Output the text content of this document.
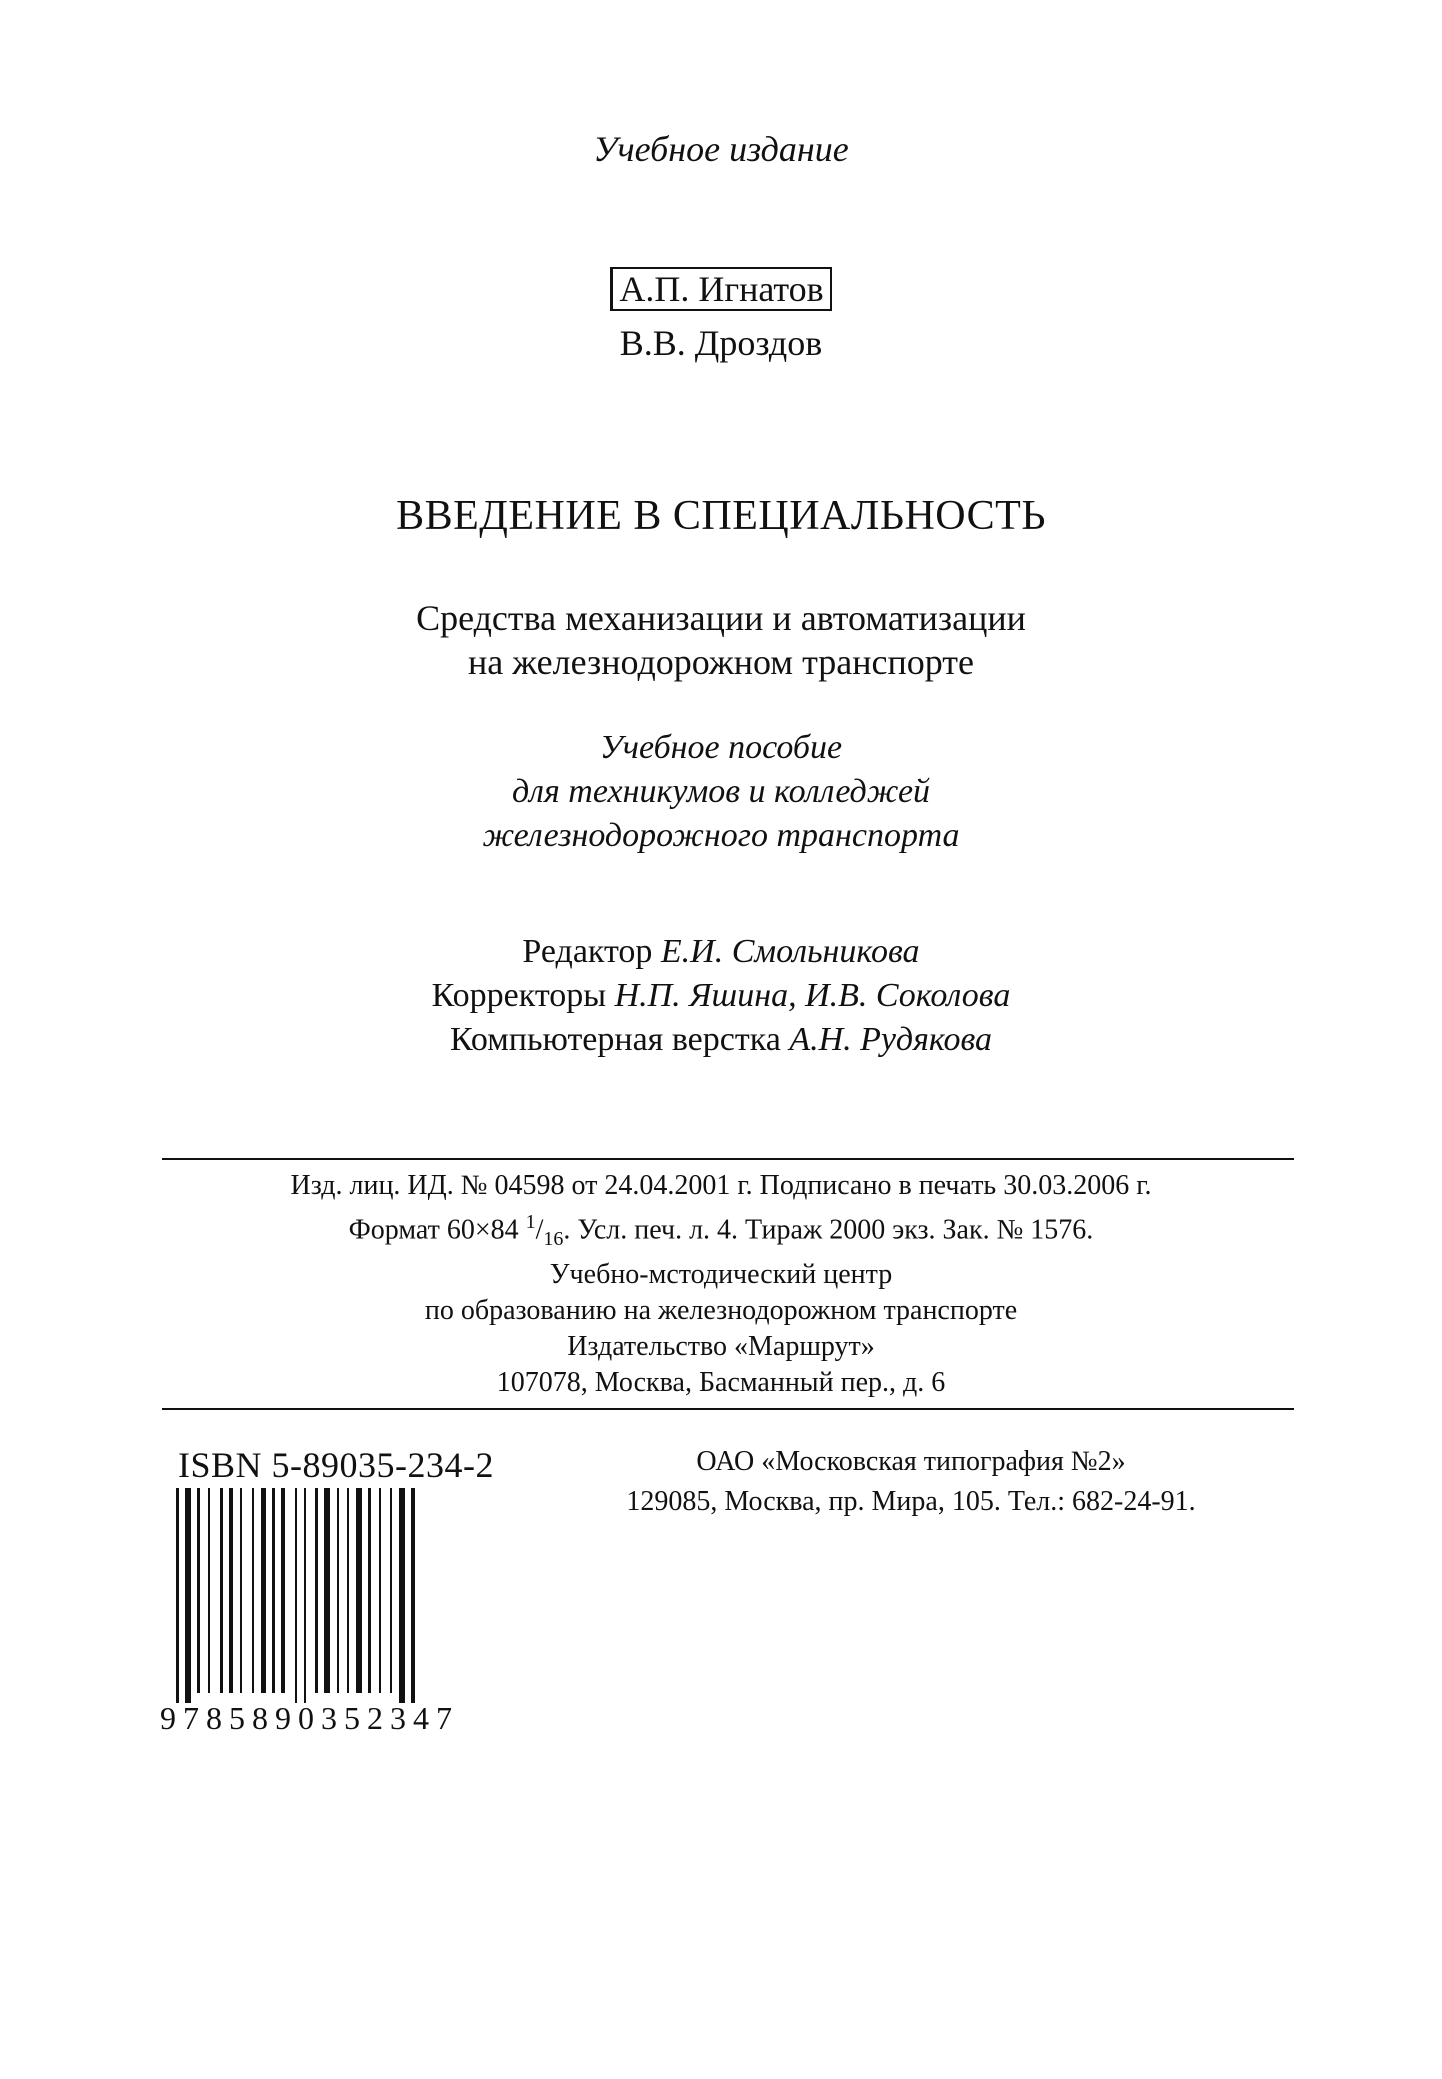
Учебное издание
А.П. Игнатов
В.В. Дроздов
ВВЕДЕНИЕ В СПЕЦИАЛЬНОСТЬ
Средства механизации и автоматизации
на железнодорожном транспорте
Учебное пособие
для техникумов и колледжей
железнодорожного транспорта
Редактор Е.И. Смольникова
Корректоры Н.П. Яшина, И.В. Соколова
Компьютерная верстка А.Н. Рудякова
Изд. лиц. ИД. № 04598 от 24.04.2001 г. Подписано в печать 30.03.2006 г.
Формат 60×84 $^1/_{16}$. Усл. печ. л. 4. Тираж 2000 экз. Зак. № 1576.
Учебно-мстодический центр
по образованию на железнодорожном транспорте
Издательство «Маршрут»
107078, Москва, Басманный пер., д. 6
ISBN 5-89035-234-2
9785890352347
ОАО «Московская типография №2»
129085, Москва, пр. Мира, 105. Тел.: 682-24-91.
